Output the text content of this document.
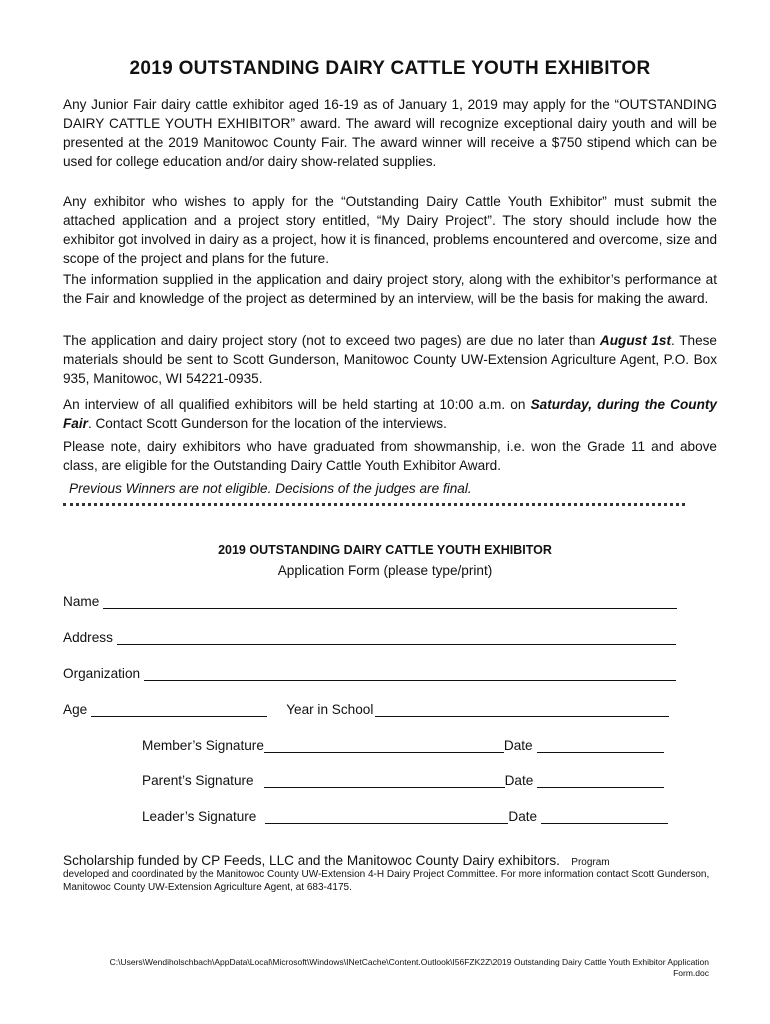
2019 OUTSTANDING DAIRY CATTLE YOUTH EXHIBITOR

Any Junior Fair dairy cattle exhibitor aged 16-19 as of January 1, 2019 may apply for the “OUTSTANDING DAIRY CATTLE YOUTH EXHIBITOR” award. The award will recognize exceptional dairy youth and will be presented at the 2019 Manitowoc County Fair. The award winner will receive a $750 stipend which can be used for college education and/or dairy show-related supplies.

Any exhibitor who wishes to apply for the “Outstanding Dairy Cattle Youth Exhibitor” must submit the attached application and a project story entitled, “My Dairy Project”. The story should include how the exhibitor got involved in dairy as a project, how it is financed, problems encountered and overcome, size and scope of the project and plans for the future.

The information supplied in the application and dairy project story, along with the exhibitor’s performance at the Fair and knowledge of the project as determined by an interview, will be the basis for making the award.

The application and dairy project story (not to exceed two pages) are due no later than August 1st. These materials should be sent to Scott Gunderson, Manitowoc County UW-Extension Agriculture Agent, P.O. Box 935, Manitowoc, WI 54221-0935.

An interview of all qualified exhibitors will be held starting at 10:00 a.m. on Saturday, during the County Fair. Contact Scott Gunderson for the location of the interviews.

Please note, dairy exhibitors who have graduated from showmanship, i.e. won the Grade 11 and above class, are eligible for the Outstanding Dairy Cattle Youth Exhibitor Award.

Previous Winners are not eligible. Decisions of the judges are final.

2019 OUTSTANDING DAIRY CATTLE YOUTH EXHIBITOR
Application Form (please type/print)
Name
Address
Organization
Age	Year in School
Member’s Signature	Date
Parent’s Signature	Date
Leader’s Signature	Date
Scholarship funded by CP Feeds, LLC and the Manitowoc County Dairy exhibitors. Program
developed and coordinated by the Manitowoc County UW-Extension 4-H Dairy Project Committee. For more information contact Scott Gunderson, Manitowoc County UW-Extension Agriculture Agent, at 683-4175.
C:\Users\Wendiholschbach\AppData\Local\Microsoft\Windows\INetCache\Content.Outlook\I56FZK2Z\2019 Outstanding Dairy Cattle Youth Exhibitor Application Form.doc
